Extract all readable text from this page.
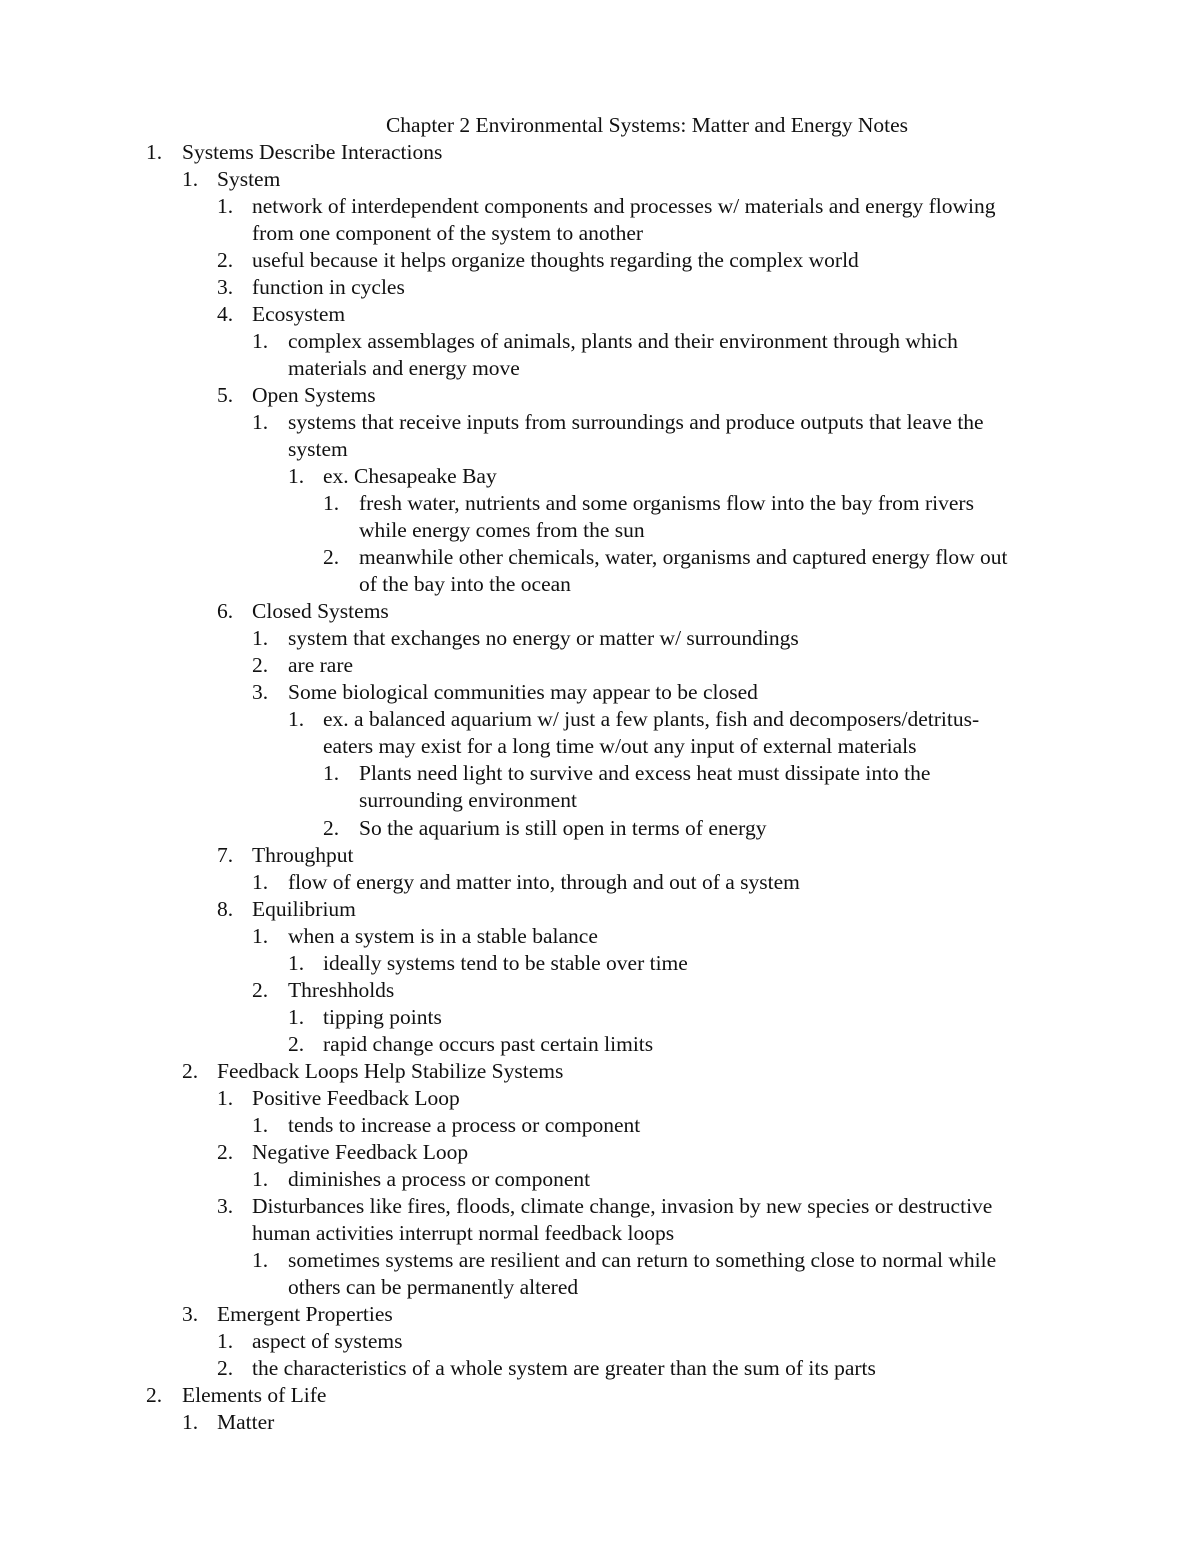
Chapter 2 Environmental Systems: Matter and Energy Notes
1. Systems Describe Interactions
1. System
1. network of interdependent components and processes w/ materials and energy flowing
from one component of the system to another
2. useful because it helps organize thoughts regarding the complex world
3. function in cycles
4. Ecosystem
1. complex assemblages of animals, plants and their environment through which
materials and energy move
5. Open Systems
1. systems that receive inputs from surroundings and produce outputs that leave the
system
1. ex. Chesapeake Bay
1. fresh water, nutrients and some organisms flow into the bay from rivers
while energy comes from the sun
2. meanwhile other chemicals, water, organisms and captured energy flow out
of the bay into the ocean
6. Closed Systems
1. system that exchanges no energy or matter w/ surroundings
2. are rare
3. Some biological communities may appear to be closed
1. ex. a balanced aquarium w/ just a few plants, fish and decomposers/detritus-
eaters may exist for a long time w/out any input of external materials
1. Plants need light to survive and excess heat must dissipate into the
surrounding environment
2. So the aquarium is still open in terms of energy
7. Throughput
1. flow of energy and matter into, through and out of a system
8. Equilibrium
1. when a system is in a stable balance
1. ideally systems tend to be stable over time
2. Threshholds
1. tipping points
2. rapid change occurs past certain limits
2. Feedback Loops Help Stabilize Systems
1. Positive Feedback Loop
1. tends to increase a process or component
2. Negative Feedback Loop
1. diminishes a process or component
3. Disturbances like fires, floods, climate change, invasion by new species or destructive
human activities interrupt normal feedback loops
1. sometimes systems are resilient and can return to something close to normal while
others can be permanently altered
3. Emergent Properties
1. aspect of systems
2. the characteristics of a whole system are greater than the sum of its parts
2. Elements of Life
1. Matter
